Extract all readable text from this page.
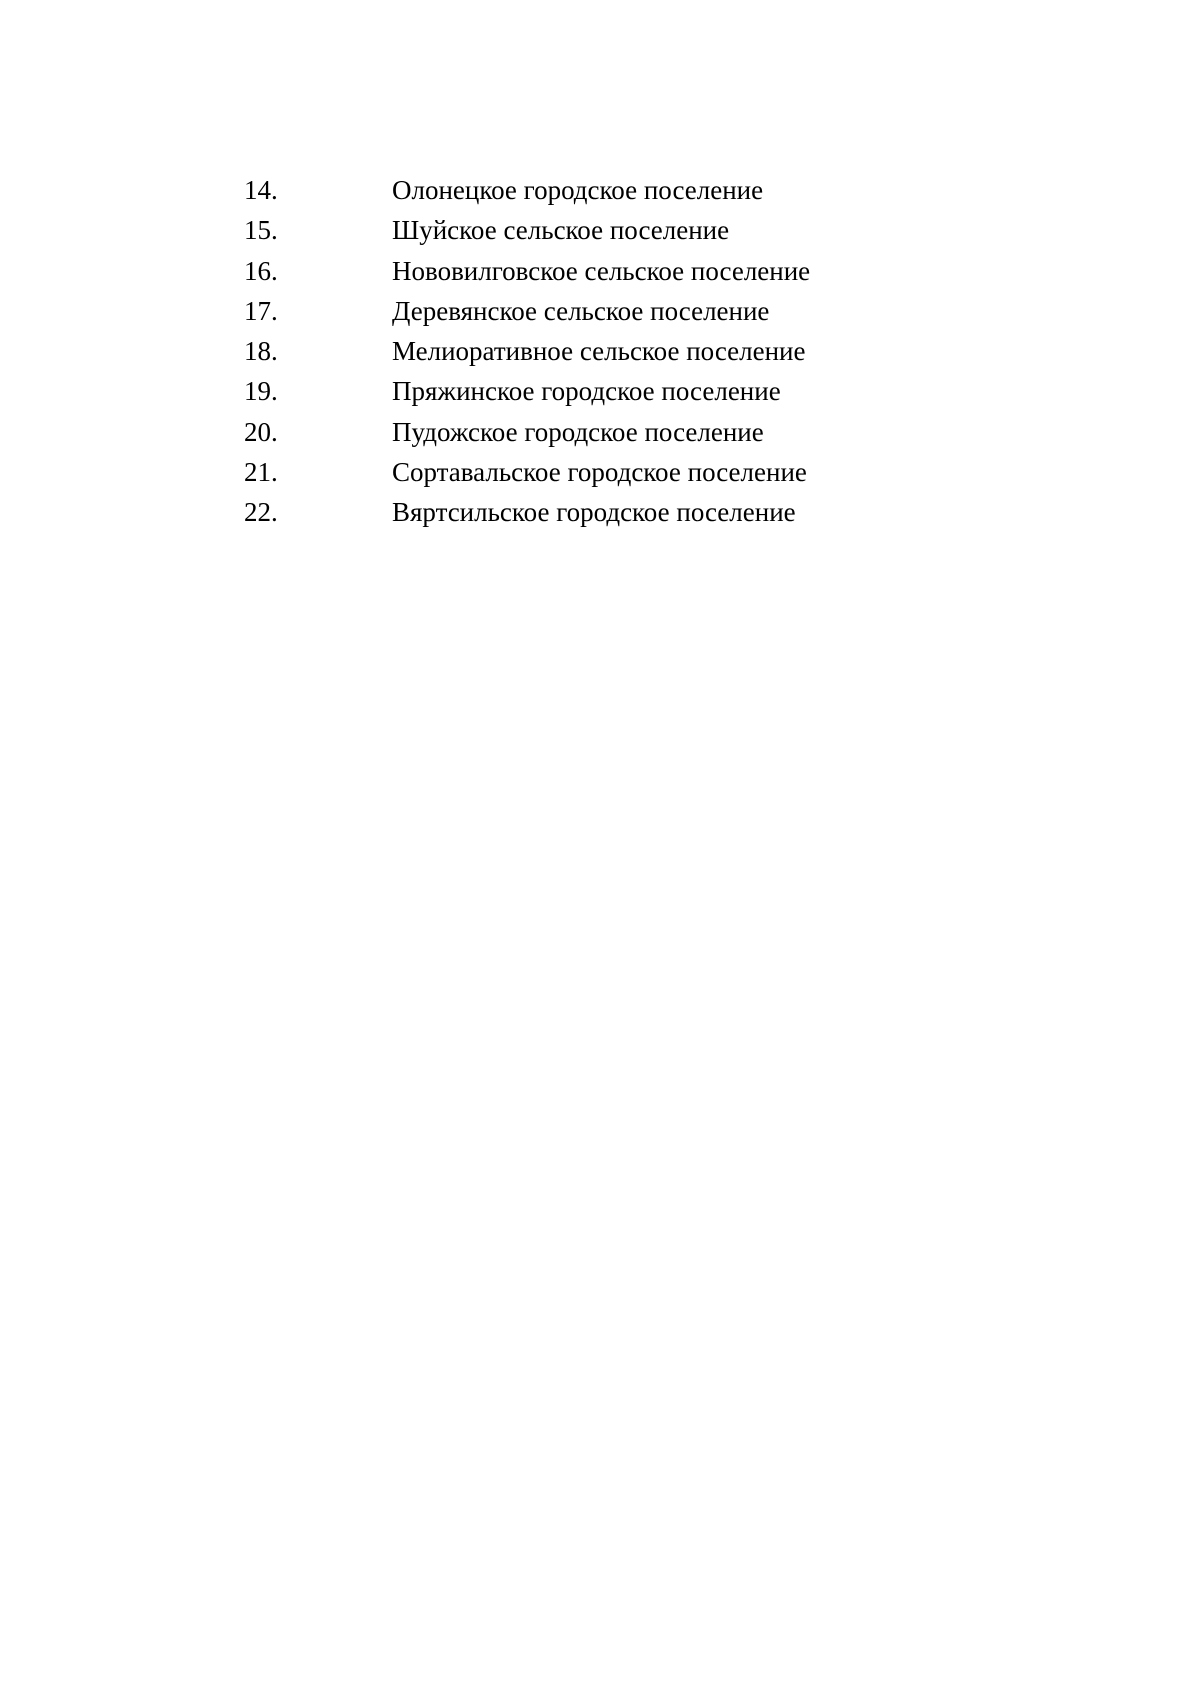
14.	Олонецкое городское поселение
15.	Шуйское сельское поселение
16.	Нововилговское сельское поселение
17.	Деревянское сельское поселение
18.	Мелиоративное сельское поселение
19.	Пряжинское городское поселение
20.	Пудожское городское поселение
21.	Сортавальское городское поселение
22.	Вяртсильское городское поселение
